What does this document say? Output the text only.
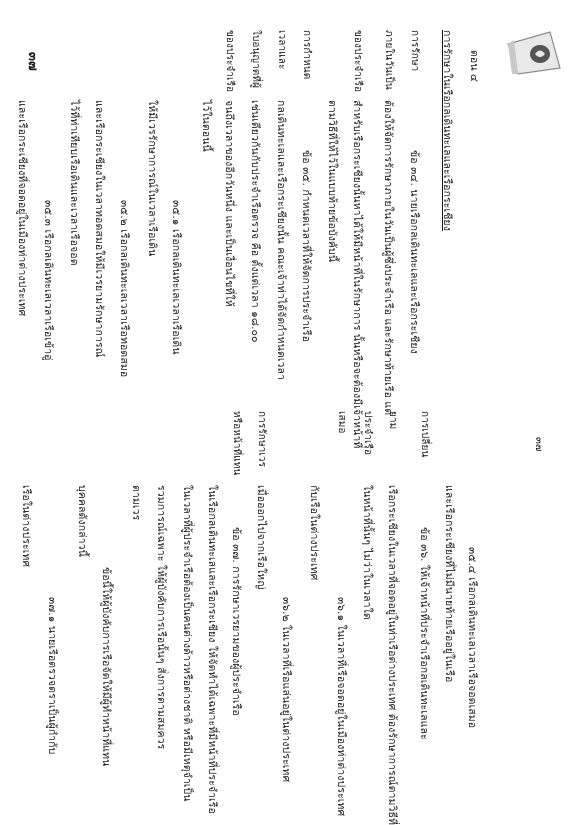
๓๗	ตอน ๔
การรักษาในเรือกลเดินทะเลและเรือกระเชียง
การรักษา
ภายในวันเป็น
ของประจำเรือ
การกำหนด
เวลาและ
ใบอนุญาตที่ผู้
ของประจำเรือ
ข้อ ๓๔. นายเรือกลเดินทะเลและเรือกระเชียง
ต้องให้จัดการรักษาภายในวันเป็นผู้ซึ่งประจำเรือ และรักษาท้ายเรือ แต่
สำหรับเรือกระเชียงนั้นหาได้ให้มีหน้าที่ในรักษาการ นั้นหรือจะต้องมีเจ้าหน้าที่
ตามวิธีที่ให้ไว้ในแบบท้ายข้อบังคับนี้
ข้อ ๓๕. กำหนดเวลาที่ให้จัดการประจำเรือ
กลเดินทะเลและเรือกระเชียงนั้น คณะเจ้าท่าได้จัดกำหนดเวลา
เช่นเดียวกันกับประจำเรือตรวจ คือ ตั้งแต่เวลา ๑๘.๐๐
จนถึงเวลาของอีกวันหนึ่ง และเป็นเงื่อนไขที่ให้
ไว้ในตอนนี้
๓๕.๑ เรือกลเดินทะเลเวลาเรือเดิน
ให้มีเวรรักษาการณ์ในเวลาเรือเดิน
๓๕.๒ เรือกลเดินทะเลเวลาเรือทอดสมอ
และเรือกระเชียงในเวลาทอดสมอให้มีเวรยามรักษาการณ์
ไว้ที่ท่าเทียบเรือเดินและเวลาเรือจอด
๓๕.๓ เรือกลเดินทะเลเวลาเรือเข้าอู่
และเรือกระเชียงที่จอดอยู่ในเมืองท่าต่างประเทศ
๓๗
การเปลี่ยน
ยาม
ประจำเรือ
เสมอ
การรักษาเวร
หรือหน้าที่แทน
๓๕.๔ เรือกลเดินทะเลเวลาเรือจอดเสมอ
และเรือกระเชียงที่ไม่มีนายท้ายเรืออยู่ในเรือ
ข้อ ๓๖. ให้เจ้าหน้าที่ประจำเรือกลเดินทะเลและ
เรือกระเชียงในเวลาที่จอดอยู่ในท่าเรือต่างประเทศ ต้องรักษาการณ์ตามวิธีที่
ในหน้าที่นั้นๆ ไม่ว่าในเวลาใด
๓๖.๑ ในเวลาที่เรือจอดอยู่ในเมืองท่าต่างประเทศ
กับเรือในต่างประเทศ
๓๖.๒ ในเวลาที่เรือแล่นอยู่ในต่างประเทศ
เมื่อออกไปจากเรือใหญ่
ข้อ ๓๗. การรักษาเวรยามของผู้ประจำเรือ
ในเรือกลเดินทะเลและเรือกระเชียง ให้จัดทำได้เฉพาะที่มีหน้าที่ประจำเรือ
ในเวลาที่ผู้ประจำเรือต้องเป็นคนต่างด้าวหรือต่างชาติ หรือมีเหตุจำเป็น
รวมการณ์เฉพาะ ให้ผู้บังคับการเรือนั้นๆ สั่งการตามสมควร
ตามเวร
ข้อนี้ให้ผู้บังคับการเรือจัดให้มีผู้ทำหน้าที่แทน
บุคคลดังกล่าวนี้
๓๗.๑ นายเรือตรวจตราเป็นผู้กำกับ
เรือในต่างประเทศ
